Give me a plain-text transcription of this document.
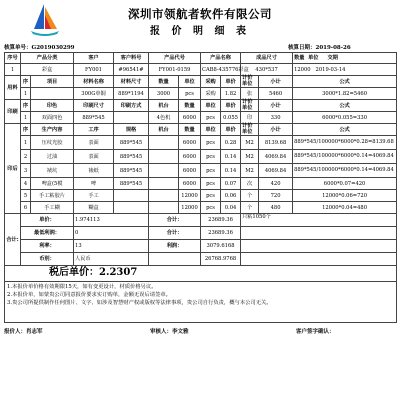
深圳市领航者软件有限公司
报 价 明 细 表
核算单号：G2019030299	核算日期：2019-08-26
序号	产品分类		客户	客户料号	产品代号		产品名称		成品尺寸		数量 单位 交期
1	彩盒		FY001	#96541#	FY001-0159		CAB8-435776彩盒		430*537		12000 2019-03-14
用料	序	项目	材料名称	材料尺寸	数量	单位	采购	单价	计价单位	小计	公式
	1		300G单铜	889*1194	3000	pcs	采购	1.82	张	5460	3000*1.82=5460
印刷	序	印色	印刷尺寸	印刷方式	机台	数量	单位	单价	计价单位	小计	公式
	1	双面四色	889*545		4色机	6000	pcs	0.055	印	330	6000*0.055=330
印后	序	生产内容	工序	规格	机台	数量	单位	单价	计价单位	小计	公式
	1	压纹光胶	表面	889*545		6000	pcs	0.28	M2	8139.68	889*545/100000*6000*0.28=8139.68
	2	过油	表面	889*545		6000	pcs	0.14	M2	4069.84	889*545/100000*6000*0.14=4069.84
	3	裱坑	裱纸	889*545		6000	pcs	0.14	M2	4069.84	889*545/100000*6000*0.14=4069.84
	4	啤盒(5模	啤	889*545		6000	pcs	0.07	次	420	6000*0.07=420
	5	手工粘胶片	手工			12000	pcs	0.06	个	720	12000*0.06=720
	6	手工糊	糊盒			12000	pcs	0.04	个	480	12000*0.04=480
合计:	单价：		1.974113		合计：		23689.36		只粘1050个		
	最低利润：		0		合计：		23689.36				
	利率：		13		利润：		3079.6168				
	币别：		人民币				26768.9768				
税后单价：2.2307											

1.本报价单价格有效期限15天，如有变更设计，材质价格另议。
2.本报价单，如蒙贵公司同意报价要求实订购单，金额无误后请签章。
3.贵公司所提供制作任何图片、文字、如涉及智慧财产权或版权等法律事项，贵公司自行负责，概与本公司无关。											
报价人：肖志军	审核人：李文雅	客户签字确认：
